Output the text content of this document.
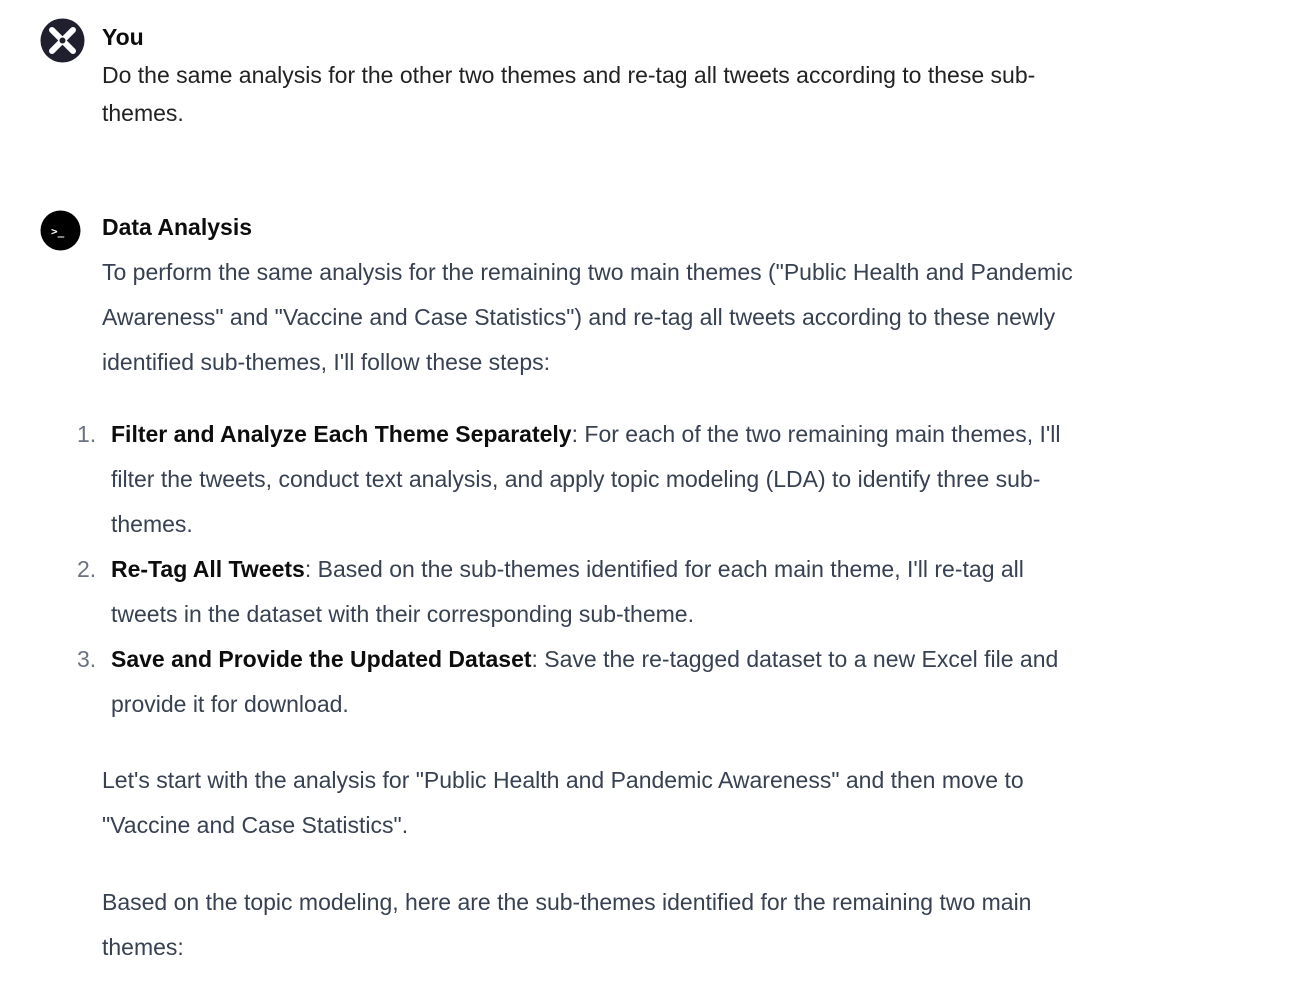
You
Do the same analysis for the other two themes and re-tag all tweets according to these sub-themes.
>_ Data Analysis
To perform the same analysis for the remaining two main themes ("Public Health and Pandemic Awareness" and "Vaccine and Case Statistics") and re-tag all tweets according to these newly identified sub-themes, I'll follow these steps:
1. Filter and Analyze Each Theme Separately: For each of the two remaining main themes, I'll filter the tweets, conduct text analysis, and apply topic modeling (LDA) to identify three sub-themes.
2. Re-Tag All Tweets: Based on the sub-themes identified for each main theme, I'll re-tag all tweets in the dataset with their corresponding sub-theme.
3. Save and Provide the Updated Dataset: Save the re-tagged dataset to a new Excel file and provide it for download.
Let's start with the analysis for "Public Health and Pandemic Awareness" and then move to "Vaccine and Case Statistics".
Based on the topic modeling, here are the sub-themes identified for the remaining two main themes:
